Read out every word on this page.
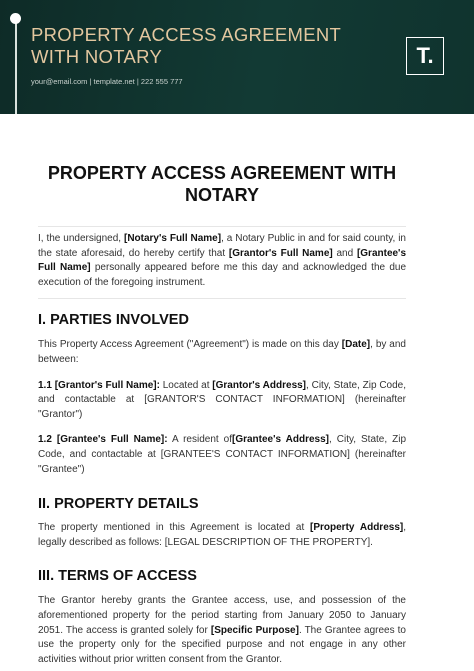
PROPERTY ACCESS AGREEMENT WITH NOTARY
your@email.com | template.net | 222 555 777
T.
PROPERTY ACCESS AGREEMENT WITH NOTARY

I, the undersigned, [Notary's Full Name], a Notary Public in and for said county, in the state aforesaid, do hereby certify that [Grantor's Full Name] and [Grantee's Full Name] personally appeared before me this day and acknowledged the due execution of the foregoing instrument.

I. PARTIES INVOLVED

This Property Access Agreement ("Agreement") is made on this day [Date], by and between:

1.1 [Grantor's Full Name]: Located at [Grantor's Address], City, State, Zip Code, and contactable at [GRANTOR'S CONTACT INFORMATION] (hereinafter "Grantor")

1.2 [Grantee's Full Name]: A resident of[Grantee's Address], City, State, Zip Code, and contactable at [GRANTEE'S CONTACT INFORMATION] (hereinafter "Grantee")

II. PROPERTY DETAILS

The property mentioned in this Agreement is located at [Property Address], legally described as follows: [LEGAL DESCRIPTION OF THE PROPERTY].

III. TERMS OF ACCESS

The Grantor hereby grants the Grantee access, use, and possession of the aforementioned property for the period starting from January 2050 to January 2051. The access is granted solely for [Specific Purpose]. The Grantee agrees to use the property only for the specified purpose and not engage in any other activities without prior written consent from the Grantor.
